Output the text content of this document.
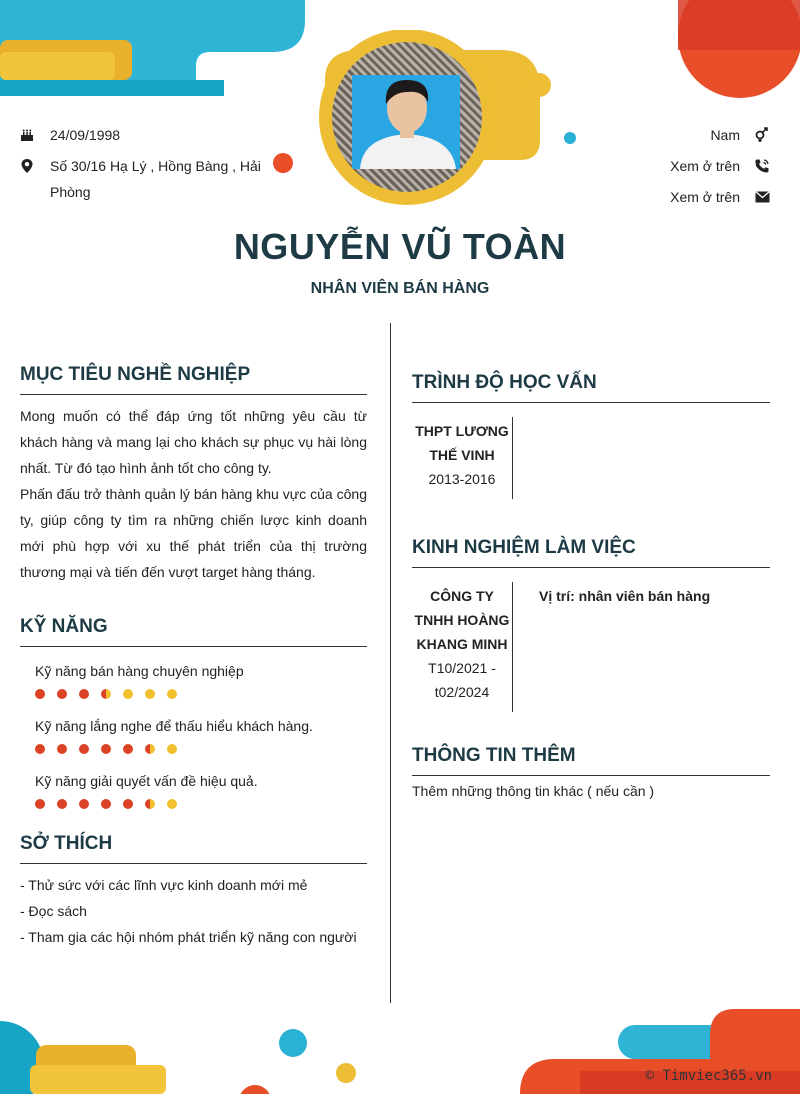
24/09/1998
Số 30/16 Hạ Lý , Hồng Bàng , Hải Phòng
Nam
Xem ở trên
Xem ở trên
NGUYỄN VŨ TOÀN
NHÂN VIÊN BÁN HÀNG
MỤC TIÊU NGHỀ NGHIỆP
Mong muốn có thể đáp ứng tốt những yêu cầu từ khách hàng và mang lại cho khách sự phục vụ hài lòng nhất. Từ đó tạo hình ảnh tốt cho công ty.
Phấn đấu trở thành quản lý bán hàng khu vực của công ty, giúp công ty tìm ra những chiến lược kinh doanh mới phù hợp với xu thế phát triển của thị trường thương mại và tiến đến vượt target hàng tháng.
KỸ NĂNG
Kỹ năng bán hàng chuyên nghiệp
Kỹ năng lắng nghe để thấu hiểu khách hàng.
Kỹ năng giải quyết vấn đề hiệu quả.
SỞ THÍCH
- Thử sức với các lĩnh vực kinh doanh mới mẻ
- Đọc sách
- Tham gia các hội nhóm phát triển kỹ năng con người
TRÌNH ĐỘ HỌC VẤN
THPT LƯƠNG THẾ VINH
2013-2016
KINH NGHIỆM LÀM VIỆC
CÔNG TY TNHH HOÀNG KHANG MINH
T10/2021 - t02/2024
Vị trí: nhân viên bán hàng
THÔNG TIN THÊM
Thêm những thông tin khác ( nếu cần )
© Timviec365.vn
